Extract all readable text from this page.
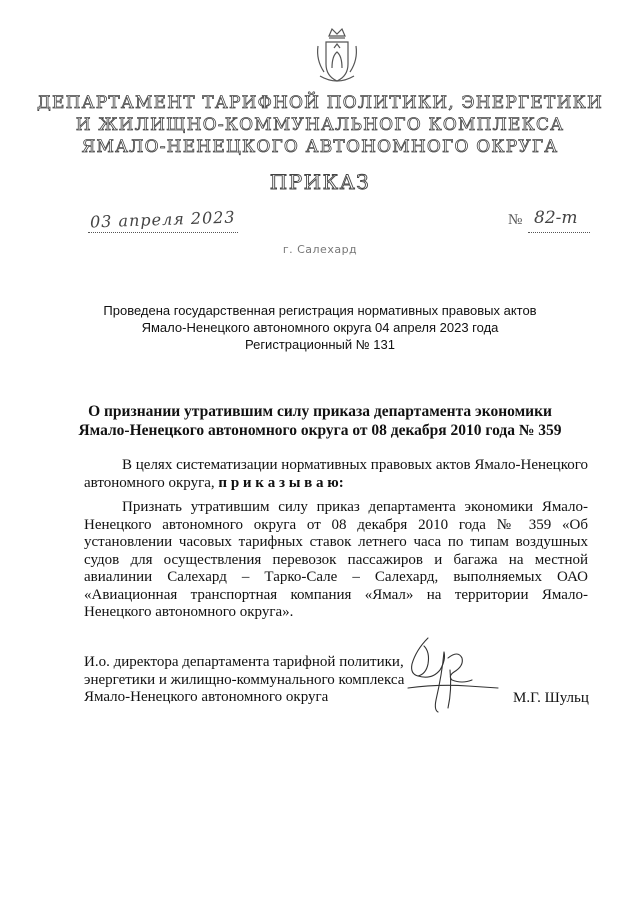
ДЕПАРТАМЕНТ ТАРИФНОЙ ПОЛИТИКИ, ЭНЕРГЕТИКИ
И ЖИЛИЩНО-КОММУНАЛЬНОГО КОМПЛЕКСА
ЯМАЛО-НЕНЕЦКОГО АВТОНОМНОГО ОКРУГА
ПРИКАЗ
03 апреля 2023	№ 82-т
г. Салехард
Проведена государственная регистрация нормативных правовых актов
Ямало-Ненецкого автономного округа 04 апреля 2023 года
Регистрационный № 131
О признании утратившим силу приказа департамента экономики
Ямало-Ненецкого автономного округа от 08 декабря 2010 года № 359
В целях систематизации нормативных правовых актов Ямало-Ненецкого автономного округа, п р и к а з ы в а ю:
Признать утратившим силу приказ департамента экономики Ямало-Ненецкого автономного округа от 08 декабря 2010 года № 359 «Об установлении часовых тарифных ставок летнего часа по типам воздушных судов для осуществления перевозок пассажиров и багажа на местной авиалинии Салехард – Тарко-Сале – Салехард, выполняемых ОАО «Авиационная транспортная компания «Ямал» на территории Ямало-Ненецкого автономного округа».
И.о. директора департамента тарифной политики,
энергетики и жилищно-коммунального комплекса
Ямало-Ненецкого автономного округа	М.Г. Шульц
